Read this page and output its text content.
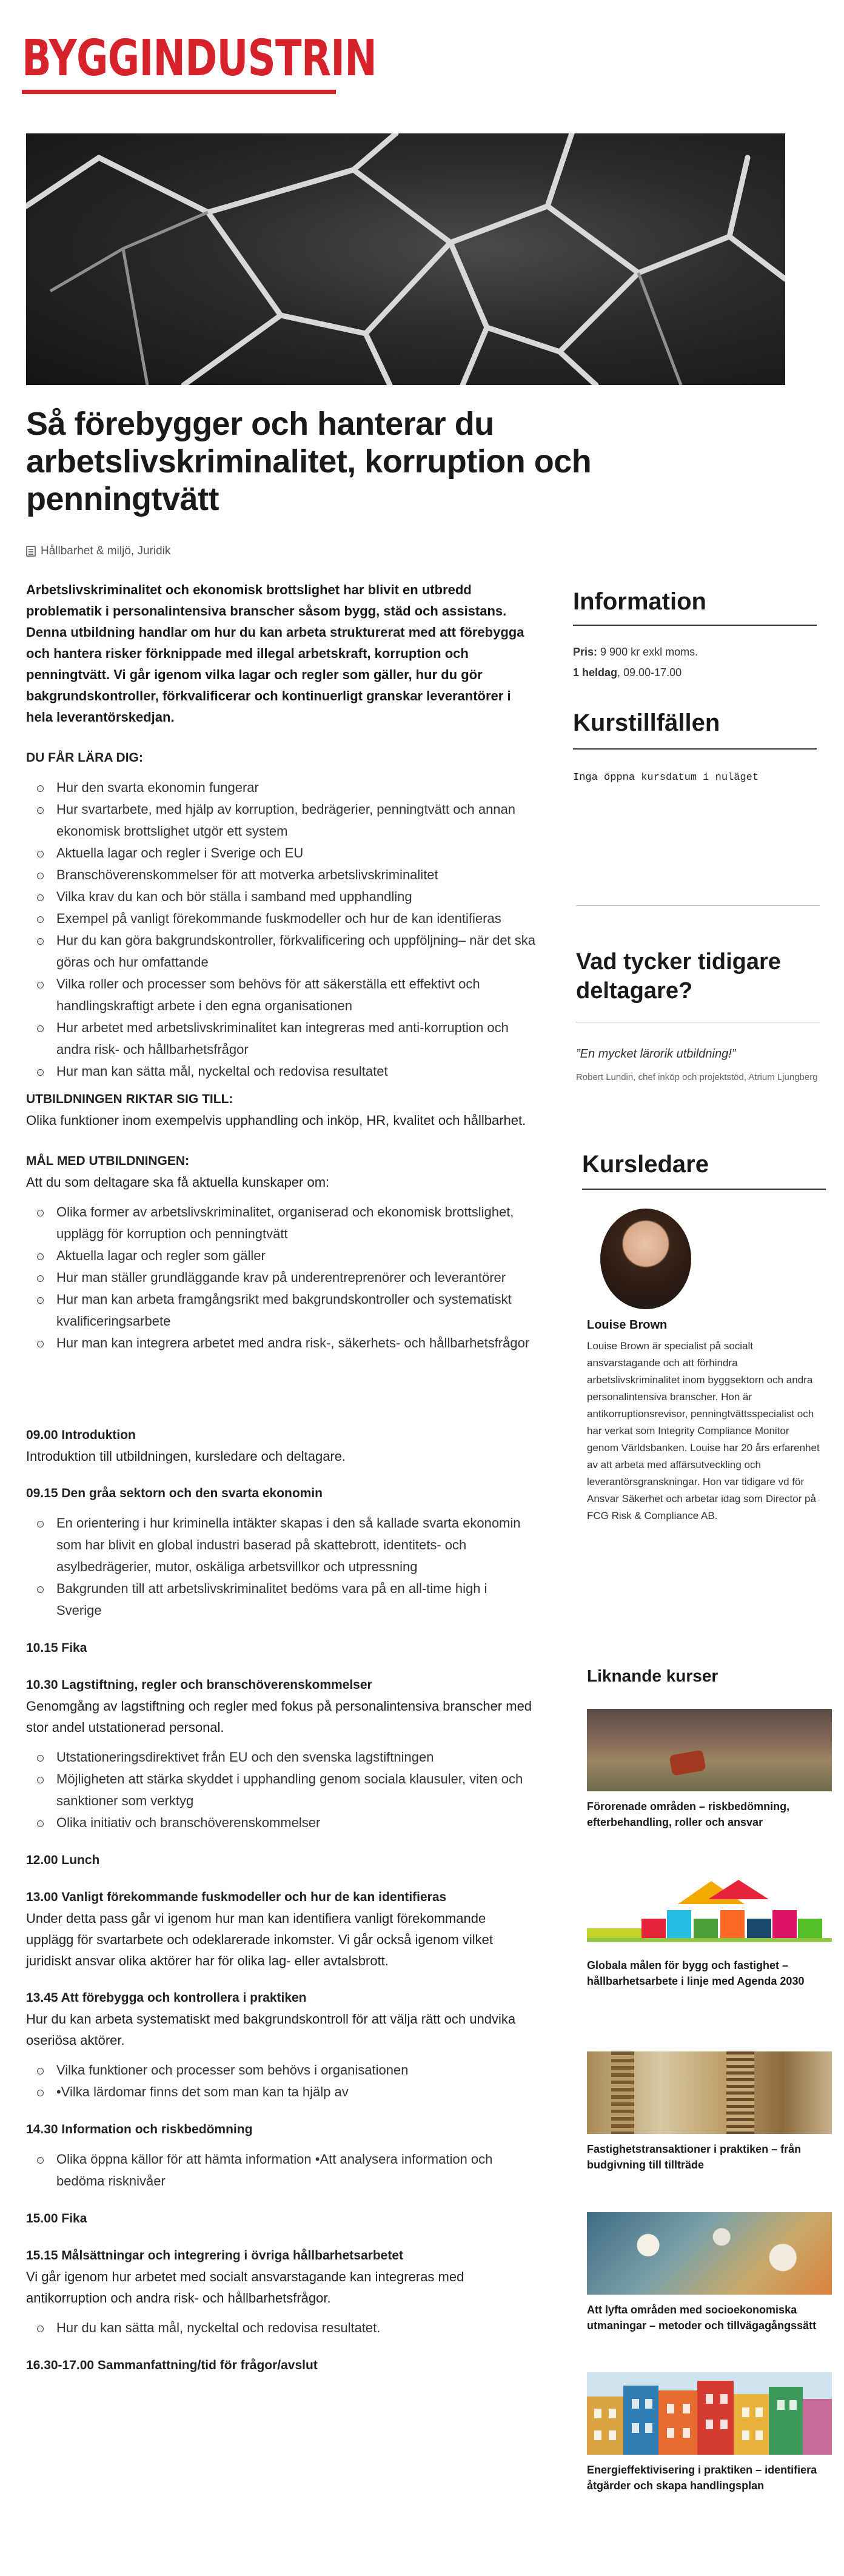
BYGGINDUSTRIN
Så förebygger och hanterar du arbetslivskriminalitet, korruption och penningtvätt
Hållbarhet & miljö, Juridik

Arbetslivskriminalitet och ekonomisk brottslighet har blivit en utbredd problematik i personalintensiva branscher såsom bygg, städ och assistans. Denna utbildning handlar om hur du kan arbeta strukturerat med att förebygga och hantera risker förknippade med illegal arbetskraft, korruption och penningtvätt. Vi går igenom vilka lagar och regler som gäller, hur du gör bakgrundskontroller, förkvalificerar och kontinuerligt granskar leverantörer i hela leverantörskedjan.

DU FÅR LÄRA DIG:

Hur den svarta ekonomin fungerar
Hur svartarbete, med hjälp av korruption, bedrägerier, penningtvätt och annan ekonomisk brottslighet utgör ett system
Aktuella lagar och regler i Sverige och EU
Branschöverenskommelser för att motverka arbetslivskriminalitet
Vilka krav du kan och bör ställa i samband med upphandling
Exempel på vanligt förekommande fuskmodeller och hur de kan identifieras
Hur du kan göra bakgrundskontroller, förkvalificering och uppföljning– när det ska göras och hur omfattande
Vilka roller och processer som behövs för att säkerställa ett effektivt och handlingskraftigt arbete i den egna organisationen
Hur arbetet med arbetslivskriminalitet kan integreras med anti-korruption och andra risk- och hållbarhetsfrågor
Hur man kan sätta mål, nyckeltal och redovisa resultatet

UTBILDNINGEN RIKTAR SIG TILL:

Olika funktioner inom exempelvis upphandling och inköp, HR, kvalitet och hållbarhet.

MÅL MED UTBILDNINGEN:

Att du som deltagare ska få aktuella kunskaper om:

Olika former av arbetslivskriminalitet, organiserad och ekonomisk brottslighet, upplägg för korruption och penningtvätt
Aktuella lagar och regler som gäller
Hur man ställer grundläggande krav på underentreprenörer och leverantörer
Hur man kan arbeta framgångsrikt med bakgrundskontroller och systematiskt kvalificeringsarbete
Hur man kan integrera arbetet med andra risk-, säkerhets- och hållbarhetsfrågor

09.00 Introduktion

Introduktion till utbildningen, kursledare och deltagare.

09.15 Den gråa sektorn och den svarta ekonomin

En orientering i hur kriminella intäkter skapas i den så kallade svarta ekonomin som har blivit en global industri baserad på skattebrott, identitets- och asylbedrägerier, mutor, oskäliga arbetsvillkor och utpressning
Bakgrunden till att arbetslivskriminalitet bedöms vara på en all-time high i Sverige

10.15 Fika

10.30 Lagstiftning, regler och branschöverenskommelser

Genomgång av lagstiftning och regler med fokus på personalintensiva branscher med stor andel utstationerad personal.

Utstationeringsdirektivet från EU och den svenska lagstiftningen
Möjligheten att stärka skyddet i upphandling genom sociala klausuler, viten och sanktioner som verktyg
Olika initiativ och branschöverenskommelser

12.00 Lunch

13.00 Vanligt förekommande fuskmodeller och hur de kan identifieras

Under detta pass går vi igenom hur man kan identifiera vanligt förekommande upplägg för svartarbete och odeklarerade inkomster. Vi går också igenom vilket juridiskt ansvar olika aktörer har för olika lag- eller avtalsbrott.

13.45 Att förebygga och kontrollera i praktiken

Hur du kan arbeta systematiskt med bakgrundskontroll för att välja rätt och undvika oseriösa aktörer.

Vilka funktioner och processer som behövs i organisationen
•Vilka lärdomar finns det som man kan ta hjälp av

14.30 Information och riskbedömning

Olika öppna källor för att hämta information •Att analysera information och bedöma risknivåer

15.00 Fika

15.15 Målsättningar och integrering i övriga hållbarhetsarbetet

Vi går igenom hur arbetet med socialt ansvarstagande kan integreras med antikorruption och andra risk- och hållbarhetsfrågor.

Hur du kan sätta mål, nyckeltal och redovisa resultatet.

16.30-17.00 Sammanfattning/tid för frågor/avslut

Information
Pris: 9 900 kr exkl moms.
1 heldag, 09.00-17.00
Kurstillfällen
Inga öppna kursdatum i nuläget
Vad tycker tidigare deltagare?
”En mycket lärorik utbildning!”
Robert Lundin, chef inköp och projektstöd, Atrium Ljungberg
Kursledare
Louise Brown
Louise Brown är specialist på socialt ansvarstagande och att förhindra arbetslivskriminalitet inom byggsektorn och andra personalintensiva branscher. Hon är antikorruptionsrevisor, penningtvättsspecialist och har verkat som Integrity Compliance Monitor genom Världsbanken. Louise har 20 års erfarenhet av att arbeta med affärsutveckling och leverantörsgranskningar. Hon var tidigare vd för Ansvar Säkerhet och arbetar idag som Director på FCG Risk & Compliance AB.
Liknande kurser
Förorenade områden – riskbedömning, efterbehandling, roller och ansvar
Globala målen för bygg och fastighet – hållbarhetsarbete i linje med Agenda 2030
Fastighetstransaktioner i praktiken – från budgivning till tillträde
Att lyfta områden med socioekonomiska utmaningar – metoder och tillvägagångssätt
Energieffektivisering i praktiken – identifiera åtgärder och skapa handlingsplan
